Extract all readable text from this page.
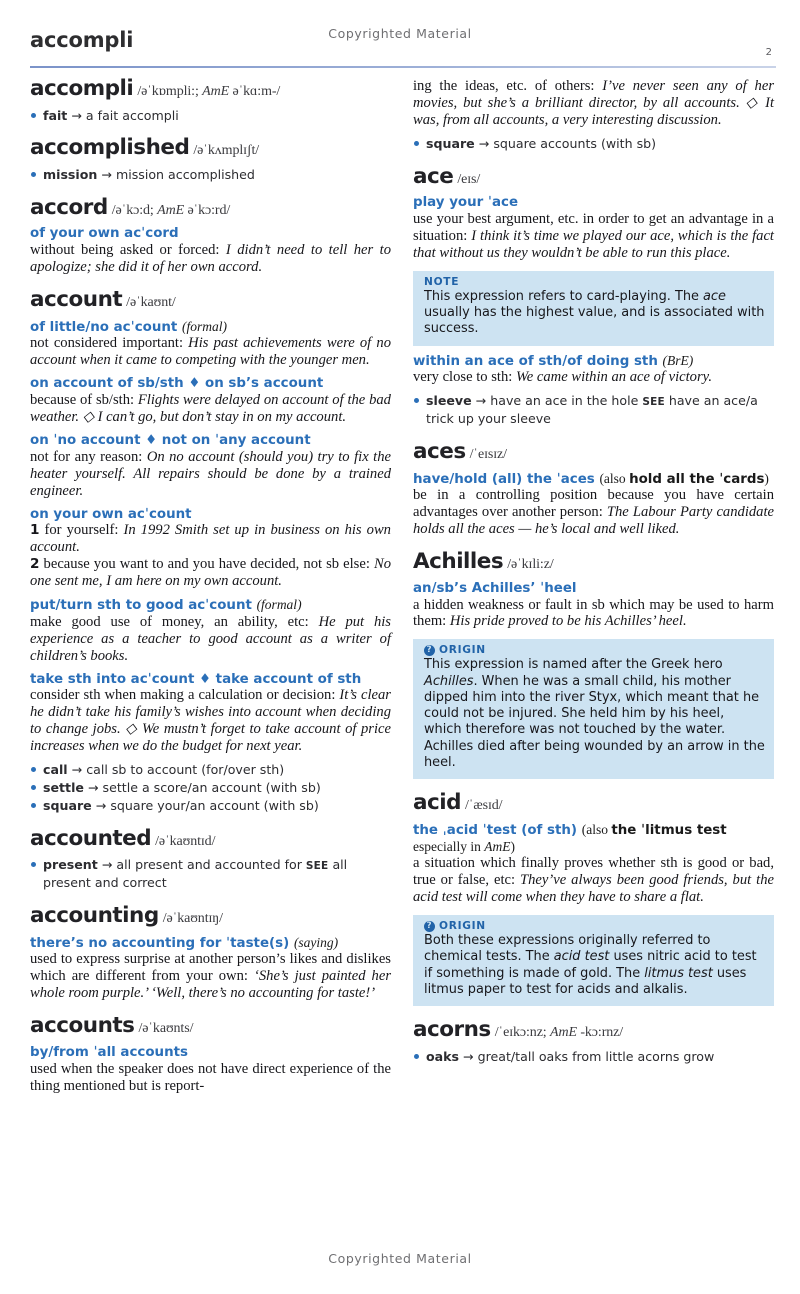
Copyrighted Material
accompli
2
accompli /əˈkɒmpli:; AmE əˈkɑ:m-/
fait → a fait accompli
accomplished /əˈkʌmplɪʃt/
mission → mission accomplished
accord /əˈkɔ:d; AmE əˈkɔ:rd/
of your own acˈcord
without being asked or forced: I didn’t need to tell her to apologize; she did it of her own accord.
account /əˈkaʊnt/
of little/no acˈcount (formal)
not considered important: His past achievements were of no account when it came to competing with the younger men.
on account of sb/sth ♦ on sb’s account
because of sb/sth: Flights were delayed on account of the bad weather. ◇ I can’t go, but don’t stay in on my account.
on ˈno account ♦ not on ˈany account
not for any reason: On no account (should you) try to fix the heater yourself. All repairs should be done by a trained engineer.
on your own acˈcount
1 for yourself: In 1992 Smith set up in business on his own account.
2 because you want to and you have decided, not sb else: No one sent me, I am here on my own account.
put/turn sth to good acˈcount (formal)
make good use of money, an ability, etc: He put his experience as a teacher to good account as a writer of children’s books.
take sth into acˈcount ♦ take account of sth
consider sth when making a calculation or decision: It’s clear he didn’t take his family’s wishes into account when deciding to change jobs. ◇ We mustn’t forget to take account of price increases when we do the budget for next year.
call → call sb to account (for/over sth)
settle → settle a score/an account (with sb)
square → square your/an account (with sb)
accounted /əˈkaʊntɪd/
present → all present and accounted for SEE all present and correct
accounting /əˈkaʊntɪŋ/
there’s no accounting for ˈtaste(s) (saying)
used to express surprise at another person’s likes and dislikes which are different from your own: ‘She’s just painted her whole room purple.’ ‘Well, there’s no accounting for taste!’
accounts /əˈkaʊnts/
by/from ˈall accounts
used when the speaker does not have direct experience of the thing mentioned but is report-
ing the ideas, etc. of others: I’ve never seen any of her movies, but she’s a brilliant director, by all accounts. ◇ It was, from all accounts, a very interesting discussion.
square → square accounts (with sb)
ace /eɪs/
play your ˈace
use your best argument, etc. in order to get an advantage in a situation: I think it’s time we played our ace, which is the fact that without us they wouldn’t be able to run this place.
NOTE
This expression refers to card-playing. The ace usually has the highest value, and is associated with success.
within an ace of sth/of doing sth (BrE)
very close to sth: We came within an ace of victory.
sleeve → have an ace in the hole SEE have an ace/a trick up your sleeve
aces /ˈeɪsɪz/
have/hold (all) the ˈaces (also hold all the ˈcards)
be in a controlling position because you have certain advantages over another person: The Labour Party candidate holds all the aces — he’s local and well liked.
Achilles /əˈkɪli:z/
an/sb’s Achilles’ ˈheel
a hidden weakness or fault in sb which may be used to harm them: His pride proved to be his Achilles’ heel.
? ORIGIN
This expression is named after the Greek hero Achilles. When he was a small child, his mother dipped him into the river Styx, which meant that he could not be injured. She held him by his heel, which therefore was not touched by the water. Achilles died after being wounded by an arrow in the heel.
acid /ˈæsɪd/
the ˌacid ˈtest (of sth) (also the ˈlitmus test especially in AmE)
a situation which finally proves whether sth is good or bad, true or false, etc: They’ve always been good friends, but the acid test will come when they have to share a flat.
? ORIGIN
Both these expressions originally referred to chemical tests. The acid test uses nitric acid to test if something is made of gold. The litmus test uses litmus paper to test for acids and alkalis.
acorns /ˈeɪkɔ:nz; AmE -kɔ:rnz/
oaks → great/tall oaks from little acorns grow
Copyrighted Material
